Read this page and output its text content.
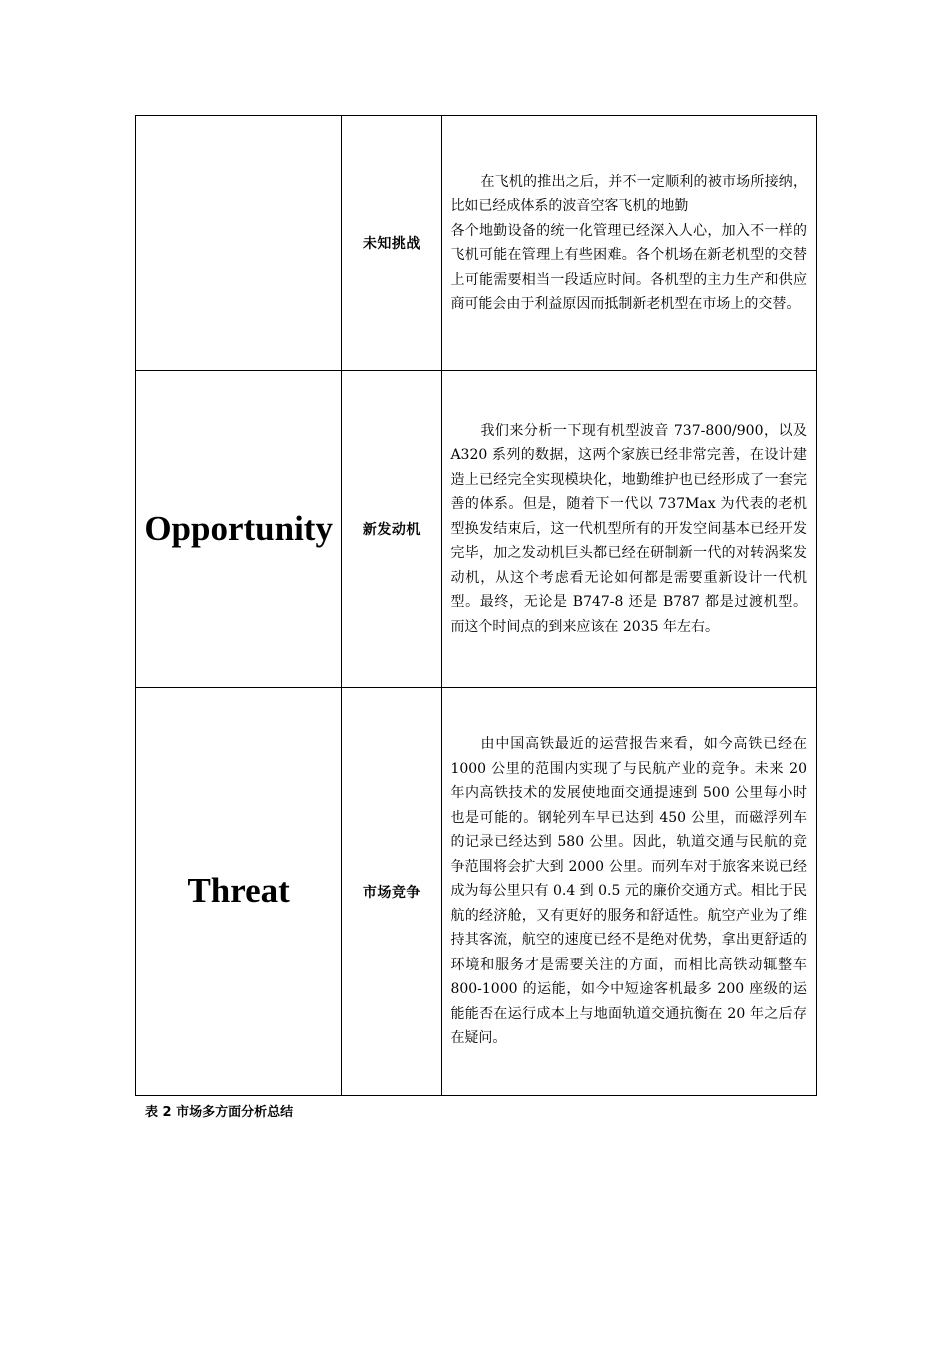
	未知挑战	在飞机的推出之后，并不一定顺利的被市场所接纳，比如已经成体系的波音空客飞机的地勤
各个地勤设备的统一化管理已经深入人心，加入不一样的飞机可能在管理上有些困难。各个机场在新老机型的交替上可能需要相当一段适应时间。各机型的主力生产和供应商可能会由于利益原因而抵制新老机型在市场上的交替。

Opportunity	新发动机	我们来分析一下现有机型波音 737-800/900，以及 A320 系列的数据，这两个家族已经非常完善，在设计建造上已经完全实现模块化，地勤维护也已经形成了一套完善的体系。但是，随着下一代以 737Max 为代表的老机型换发结束后，这一代机型所有的开发空间基本已经开发完毕，加之发动机巨头都已经在研制新一代的对转涡桨发动机，从这个考虑看无论如何都是需要重新设计一代机型。最终，无论是 B747-8 还是 B787 都是过渡机型。而这个时间点的到来应该在 2035 年左右。

Threat	市场竞争	由中国高铁最近的运营报告来看，如今高铁已经在 1000 公里的范围内实现了与民航产业的竞争。未来 20 年内高铁技术的发展使地面交通提速到 500 公里每小时也是可能的。钢轮列车早已达到 450 公里，而磁浮列车的记录已经达到 580 公里。因此，轨道交通与民航的竞争范围将会扩大到 2000 公里。而列车对于旅客来说已经成为每公里只有 0.4 到 0.5 元的廉价交通方式。相比于民航的经济舱，又有更好的服务和舒适性。航空产业为了维持其客流，航空的速度已经不是绝对优势，拿出更舒适的环境和服务才是需要关注的方面，而相比高铁动辄整车 800-1000 的运能，如今中短途客机最多 200 座级的运能能否在运行成本上与地面轨道交通抗衡在 20 年之后存在疑问。

表 2 市场多方面分析总结
